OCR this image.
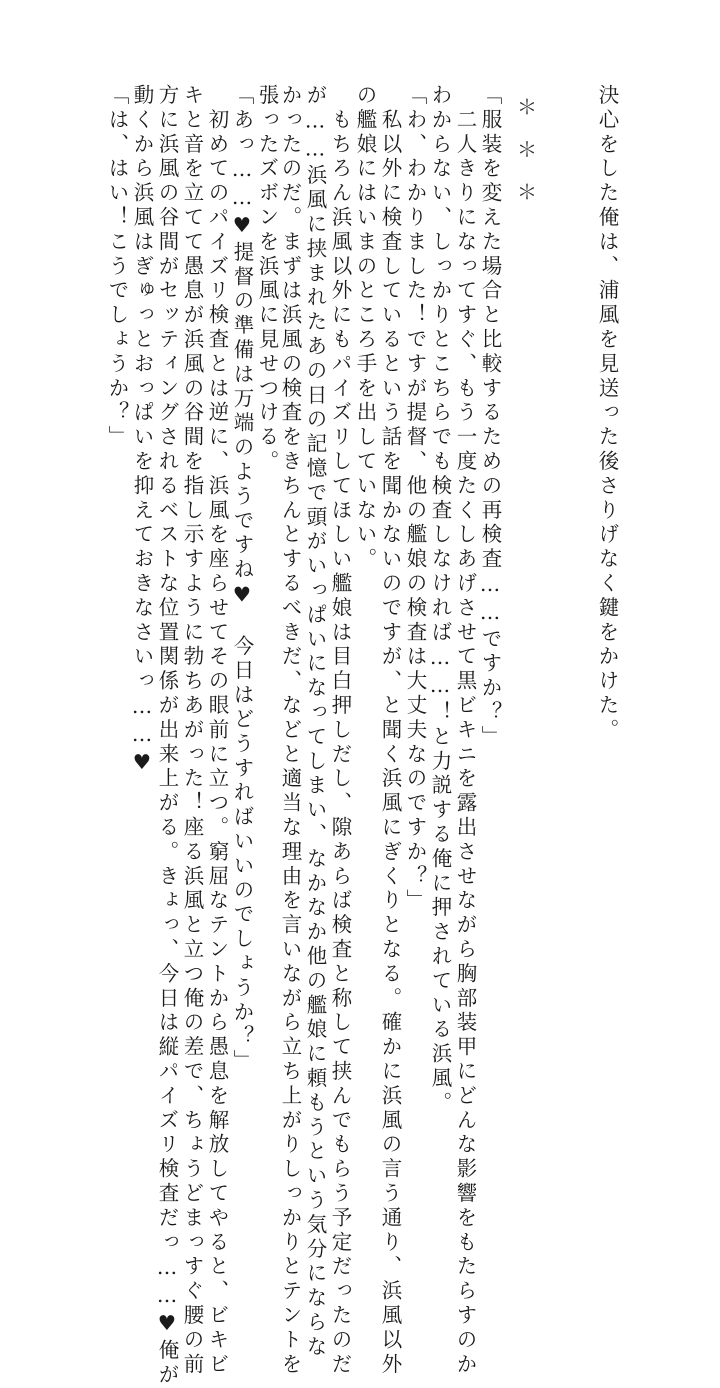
決心をした俺は、浦風を見送った後さりげなく鍵をかけた。
＊＊＊
「服装を変えた場合と比較するための再検査……ですか？」
　二人きりになってすぐ、もう一度たくしあげさせて黒ビキニを露出させながら胸部装甲にどんな影響をもたらすのか
わからない、しっかりとこちらでも検査しなければ……！と力説する俺に押されている浜風。
「わ、わかりました！ですが提督、他の艦娘の検査は大丈夫なのですか？」
　私以外に検査しているという話を聞かないのですが、と聞く浜風にぎくりとなる。確かに浜風の言う通り、浜風以外
の艦娘にはいまのところ手を出していない。
　もちろん浜風以外にもパイズリしてほしい艦娘は目白押しだし、隙あらば検査と称して挟んでもらう予定だったのだ
が……浜風に挟まれたあの日の記憶で頭がいっぱいになってしまい、なかなか他の艦娘に頼もうという気分にならな
かったのだ。まずは浜風の検査をきちんとするべきだ、などと適当な理由を言いながら立ち上がりしっかりとテントを
張ったズボンを浜風に見せつける。
「あっ……♥提督の準備は万端のようですね♥　今日はどうすればいいのでしょうか？」
　初めてのパイズリ検査とは逆に、浜風を座らせてその眼前に立つ。窮屈なテントから愚息を解放してやると、ビキビ
キと音を立てて愚息が浜風の谷間を指し示すように勃ちあがった！座る浜風と立つ俺の差で、ちょうどまっすぐ腰の前
方に浜風の谷間がセッティングされるベストな位置関係が出来上がる。きょっ、今日は縦パイズリ検査だっ……♥俺が
動くから浜風はぎゅっとおっぱいを抑えておきなさいっ……♥
「は、はい！こうでしょうか？」
